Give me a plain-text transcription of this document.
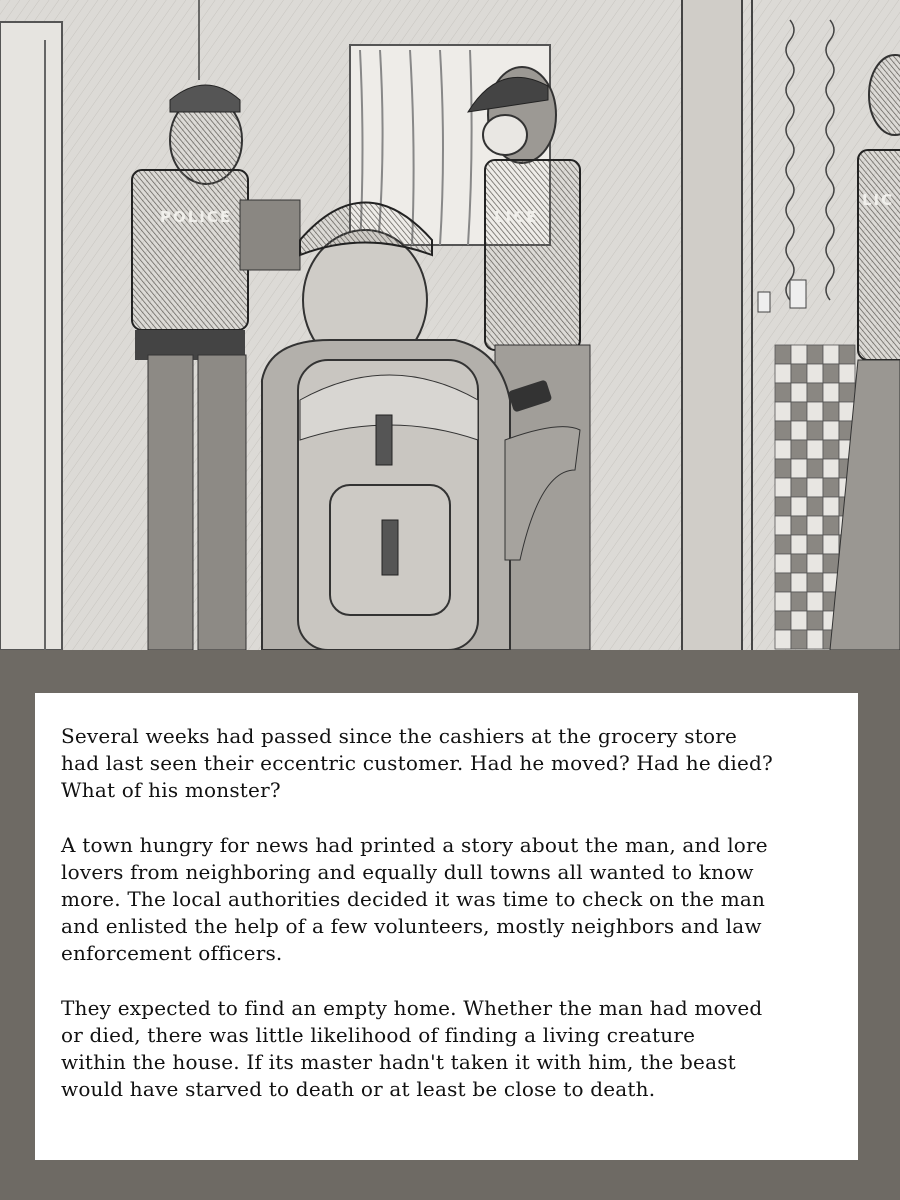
POLICE	LICE
LIC

Several weeks had passed since the cashiers at the grocery store
had last seen their eccentric customer. Had he moved? Had he died?
What of his monster?

A town hungry for news had printed a story about the man, and lore
lovers from neighboring and equally dull towns all wanted to know
more. The local authorities decided it was time to check on the man
and enlisted the help of a few volunteers, mostly neighbors and law
enforcement officers.

They expected to find an empty home. Whether the man had moved
or died, there was little likelihood of finding a living creature
within the house. If its master hadn't taken it with him, the beast
would have starved to death or at least be close to death.
